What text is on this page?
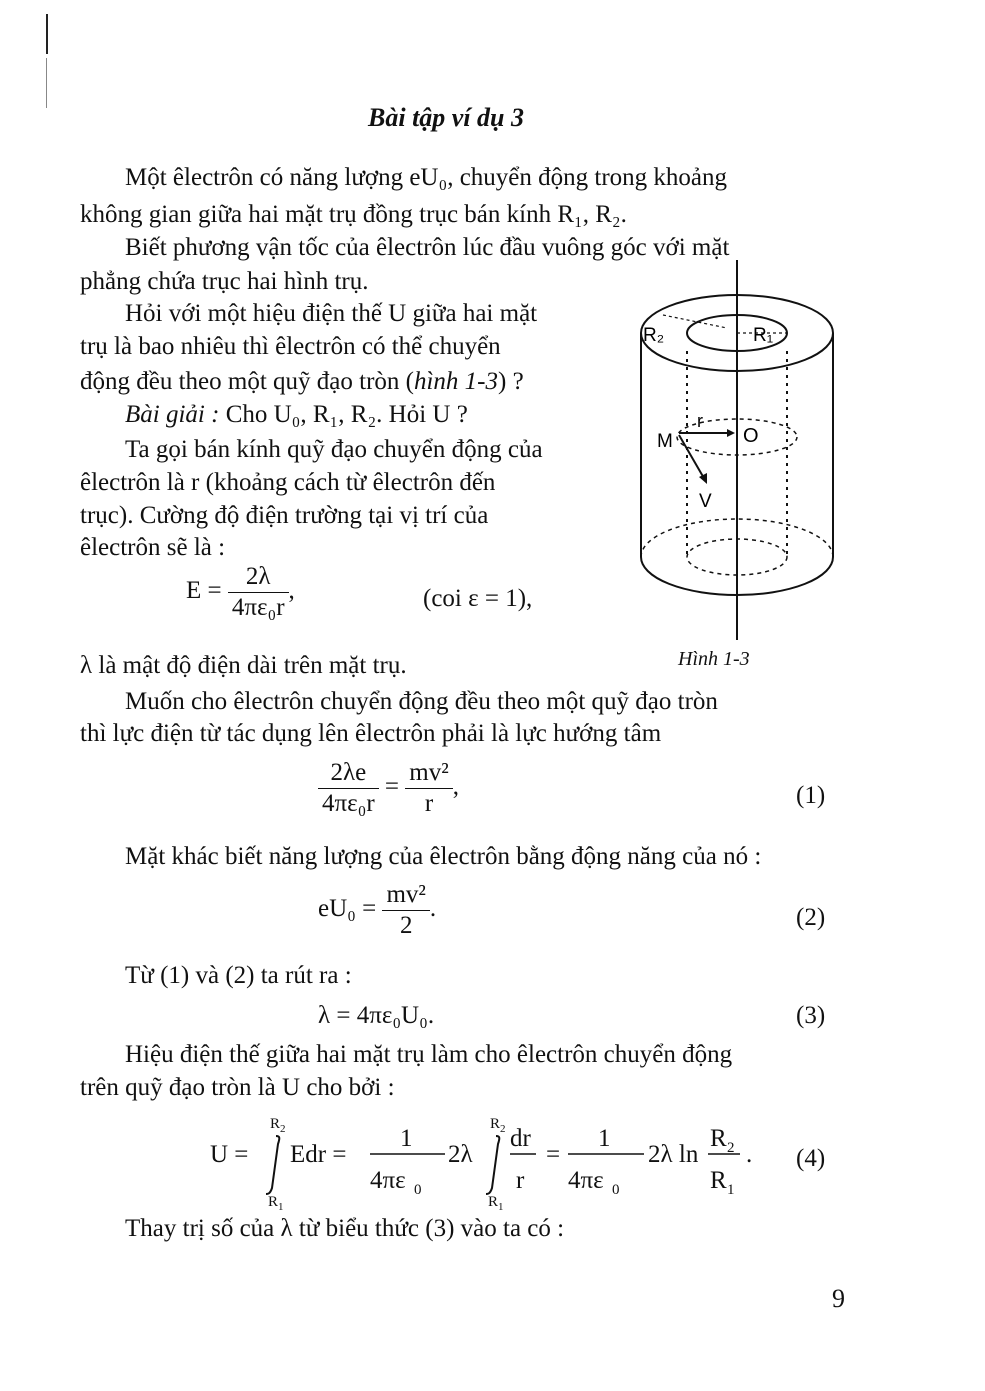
Bài tập ví dụ 3
Một êlectrôn có năng lượng eU₀, chuyển động trong khoảng
không gian giữa hai mặt trụ đồng trục bán kính R₁, R₂.
Biết phương vận tốc của êlectrôn lúc đầu vuông góc với mặt
phẳng chứa trục hai hình trụ.
Hỏi với một hiệu điện thế U giữa hai mặt
trụ là bao nhiêu thì êlectrôn có thể chuyển
động đều theo một quỹ đạo tròn (hình 1-3) ?
Bài giải : Cho U₀, R₁, R₂. Hỏi U ?
Ta gọi bán kính quỹ đạo chuyển động của
êlectrôn là r (khoảng cách từ êlectrôn đến
trục). Cường độ điện trường tại vị trí của
êlectrôn sẽ là :
$E = \frac{2\lambda}{\text{4πε₀r}}$ ,	(coi ε = 1),
λ là mật độ điện dài trên mặt trụ.
R₂	R₁
r
O
M
V
Hình 1-3
Muốn cho êlectrôn chuyển động đều theo một quỹ đạo tròn
thì lực điện từ tác dụng lên êlectrôn phải là lực hướng tâm
$\frac{2\lambda e}{\text{4πε₀r}} = \frac{\text{mv²}}{r}$ ,	(1)
Mặt khác biết năng lượng của êlectrôn bằng động năng của nó :
$eU_0 = \frac{\text{mv²}}{2}$ .	(2)
Từ (1) và (2) ta rút ra :
λ = 4πε₀U₀.	(3)
Hiệu điện thế giữa hai mặt trụ làm cho êlectrôn chuyển động
trên quỹ đạo tròn là U cho bởi :
U =
R 2
R 1
Edr =
1
4πε 0
2λ
R 2
R 1
dr
r
=
1
4πε 0
2λ ln
R 2
R 1
. (4)
Thay trị số của λ từ biểu thức (3) vào ta có :
9
